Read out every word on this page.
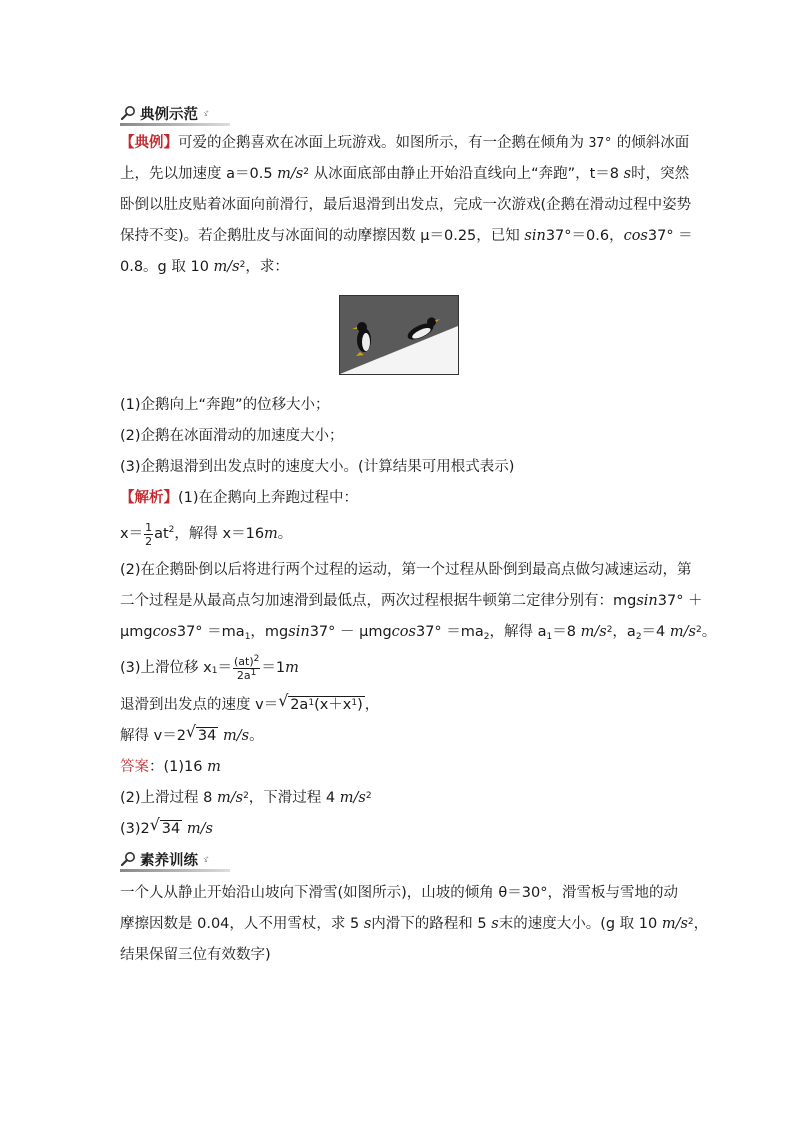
典例示范 ゞ
【典例】可爱的企鹅喜欢在冰面上玩游戏。如图所示，有一企鹅在倾角为 37° 的倾斜冰面
上，先以加速度 a＝0.5 $m/s^2$ 从冰面底部由静止开始沿直线向上“奔跑”，t＝8 s时，突然
卧倒以肚皮贴着冰面向前滑行，最后退滑到出发点，完成一次游戏(企鹅在滑动过程中姿势
保持不变)。若企鹅肚皮与冰面间的动摩擦因数 μ＝0.25，已知 sin37°＝0.6，cos37° ＝
0.8。g 取 10 $m/s^2$，求：
(1)企鹅向上“奔跑”的位移大小；
(2)企鹅在冰面滑动的加速度大小；
(3)企鹅退滑到出发点时的速度大小。(计算结果可用根式表示)
【解析】(1)在企鹅向上奔跑过程中：
$x= \frac{1}{2} at^2$ ，解得 x＝16 m 。
(2)在企鹅卧倒以后将进行两个过程的运动，第一个过程从卧倒到最高点做匀减速运动，第
二个过程是从最高点匀加速滑到最低点，两次过程根据牛顿第二定律分别有：mgsin37° ＋
$\mu mgcos37^\circ =ma_1$，$mgsin37^\circ - \mu mgcos37^\circ =ma_2$，解得 $a_1=8$ $m/s^2$，$a_2=4$ $m/s^2$。
(3)上滑位移 $x_1 = \frac{(at)^2}{2a^1} =1$ m
退滑到出发点的速度 v＝ √ $2a^1(x+x^1)$ ，
解得 v＝2 √ 34 m/s。
答案：(1)16 m
(2)上滑过程 8 $m/s^2$，下滑过程 4 $m/s^2$
(3)2 √ 34 m/s
素养训练 ゞ
一个人从静止开始沿山坡向下滑雪(如图所示)，山坡的倾角 θ＝30°，滑雪板与雪地的动
摩擦因数是 0.04，人不用雪杖，求 5 s内滑下的路程和 5 s末的速度大小。(g 取 10 $m/s^2$，
结果保留三位有效数字)
